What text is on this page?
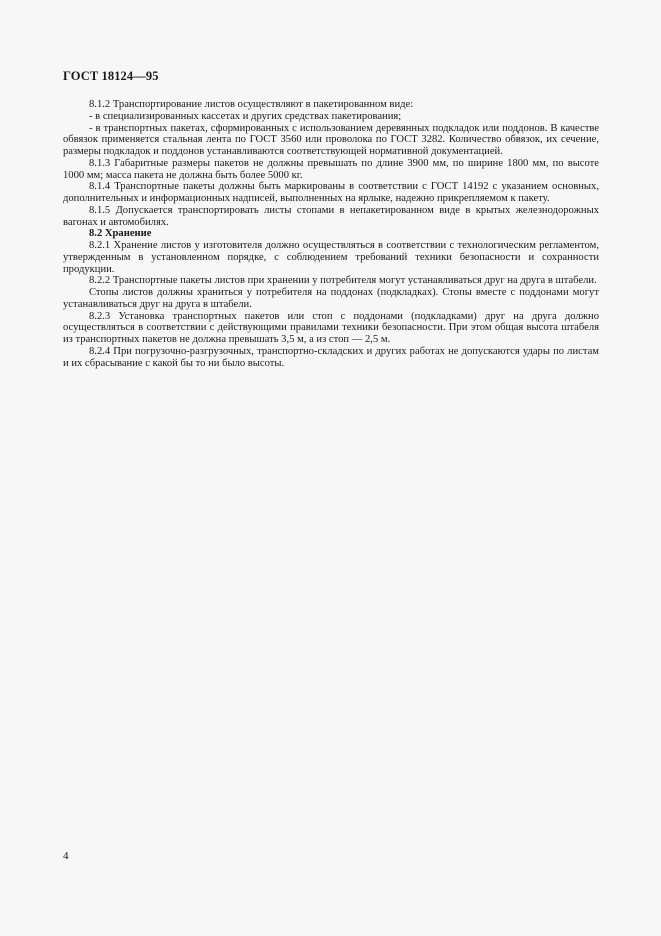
ГОСТ 18124—95

8.1.2 Транспортирование листов осуществляют в пакетированном виде:

- в специализированных кассетах и других средствах пакетирования;

- в транспортных пакетах, сформированных с использованием деревянных подкладок или поддонов. В качестве обвязок применяется стальная лента по ГОСТ 3560 или проволока по ГОСТ 3282. Количество обвязок, их сечение, размеры подкладок и поддонов устанавливаются соответствующей нормативной документацией.

8.1.3 Габаритные размеры пакетов не должны превышать по длине 3900 мм, по ширине 1800 мм, по высоте 1000 мм; масса пакета не должна быть более 5000 кг.

8.1.4 Транспортные пакеты должны быть маркированы в соответствии с ГОСТ 14192 с указанием основных, дополнительных и информационных надписей, выполненных на ярлыке, надежно прикрепляемом к пакету.

8.1.5 Допускается транспортировать листы стопами в непакетированном виде в крытых железнодорожных вагонах и автомобилях.

8.2 Хранение

8.2.1 Хранение листов у изготовителя должно осуществляться в соответствии с технологическим регламентом, утвержденным в установленном порядке, с соблюдением требований техники безопасности и сохранности продукции.

8.2.2 Транспортные пакеты листов при хранении у потребителя могут устанавливаться друг на друга в штабели.

Стопы листов должны храниться у потребителя на поддонах (подкладках). Стопы вместе с поддонами могут устанавливаться друг на друга в штабели.

8.2.3 Установка транспортных пакетов или стоп с поддонами (подкладками) друг на друга должно осуществляться в соответствии с действующими правилами техники безопасности. При этом общая высота штабеля из транспортных пакетов не должна превышать 3,5 м, а из стоп — 2,5 м.

8.2.4 При погрузочно-разгрузочных, транспортно-складских и других работах не допускаются удары по листам и их сбрасывание с какой бы то ни было высоты.

4
